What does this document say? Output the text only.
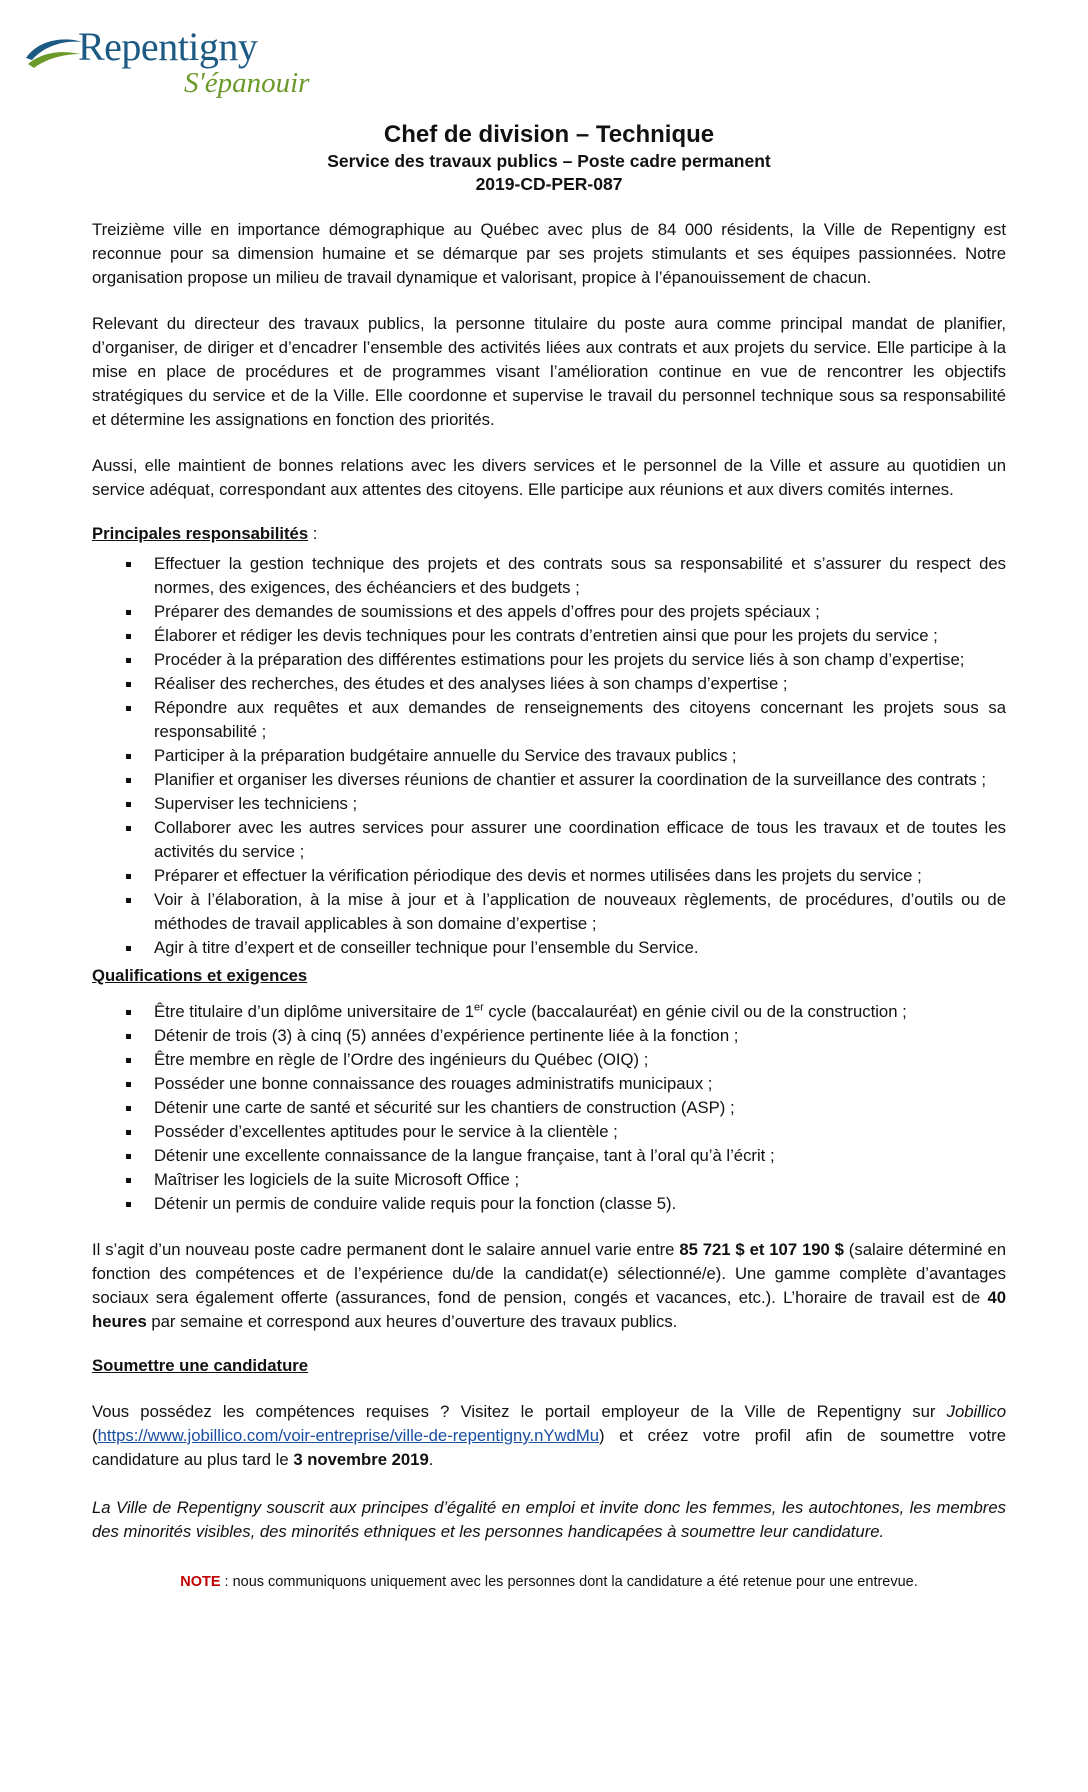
Repentigny
S'épanouir
Chef de division – Technique
Service des travaux publics – Poste cadre permanent
2019-CD-PER-087

Treizième ville en importance démographique au Québec avec plus de 84 000 résidents, la Ville de Repentigny est reconnue pour sa dimension humaine et se démarque par ses projets stimulants et ses équipes passionnées. Notre organisation propose un milieu de travail dynamique et valorisant, propice à l’épanouissement de chacun.

Relevant du directeur des travaux publics, la personne titulaire du poste aura comme principal mandat de planifier, d’organiser, de diriger et d’encadrer l’ensemble des activités liées aux contrats et aux projets du service. Elle participe à la mise en place de procédures et de programmes visant l’amélioration continue en vue de rencontrer les objectifs stratégiques du service et de la Ville. Elle coordonne et supervise le travail du personnel technique sous sa responsabilité et détermine les assignations en fonction des priorités.

Aussi, elle maintient de bonnes relations avec les divers services et le personnel de la Ville et assure au quotidien un service adéquat, correspondant aux attentes des citoyens. Elle participe aux réunions et aux divers comités internes.

Principales responsabilités :
Effectuer la gestion technique des projets et des contrats sous sa responsabilité et s’assurer du respect des normes, des exigences, des échéanciers et des budgets ;
Préparer des demandes de soumissions et des appels d’offres pour des projets spéciaux ;
Élaborer et rédiger les devis techniques pour les contrats d’entretien ainsi que pour les projets du service ;
Procéder à la préparation des différentes estimations pour les projets du service liés à son champ d’expertise;
Réaliser des recherches, des études et des analyses liées à son champs d’expertise ;
Répondre aux requêtes et aux demandes de renseignements des citoyens concernant les projets sous sa responsabilité ;
Participer à la préparation budgétaire annuelle du Service des travaux publics ;
Planifier et organiser les diverses réunions de chantier et assurer la coordination de la surveillance des contrats ;
Superviser les techniciens ;
Collaborer avec les autres services pour assurer une coordination efficace de tous les travaux et de toutes les activités du service ;
Préparer et effectuer la vérification périodique des devis et normes utilisées dans les projets du service ;
Voir à l’élaboration, à la mise à jour et à l’application de nouveaux règlements, de procédures, d’outils ou de méthodes de travail applicables à son domaine d’expertise ;
Agir à titre d’expert et de conseiller technique pour l’ensemble du Service.
Qualifications et exigences
Être titulaire d’un diplôme universitaire de 1er cycle (baccalauréat) en génie civil ou de la construction ;
Détenir de trois (3) à cinq (5) années d’expérience pertinente liée à la fonction ;
Être membre en règle de l’Ordre des ingénieurs du Québec (OIQ) ;
Posséder une bonne connaissance des rouages administratifs municipaux ;
Détenir une carte de santé et sécurité sur les chantiers de construction (ASP) ;
Posséder d’excellentes aptitudes pour le service à la clientèle ;
Détenir une excellente connaissance de la langue française, tant à l’oral qu’à l’écrit ;
Maîtriser les logiciels de la suite Microsoft Office ;
Détenir un permis de conduire valide requis pour la fonction (classe 5).

Il s’agit d’un nouveau poste cadre permanent dont le salaire annuel varie entre 85 721 $ et 107 190 $ (salaire déterminé en fonction des compétences et de l’expérience du/de la candidat(e) sélectionné/e). Une gamme complète d’avantages sociaux sera également offerte (assurances, fond de pension, congés et vacances, etc.). L’horaire de travail est de 40 heures par semaine et correspond aux heures d’ouverture des travaux publics.

Soumettre une candidature

Vous possédez les compétences requises ? Visitez le portail employeur de la Ville de Repentigny sur Jobillico (https://www.jobillico.com/voir-entreprise/ville-de-repentigny.nYwdMu) et créez votre profil afin de soumettre votre candidature au plus tard le 3 novembre 2019.

La Ville de Repentigny souscrit aux principes d’égalité en emploi et invite donc les femmes, les autochtones, les membres des minorités visibles, des minorités ethniques et les personnes handicapées à soumettre leur candidature.

NOTE : nous communiquons uniquement avec les personnes dont la candidature a été retenue pour une entrevue.
